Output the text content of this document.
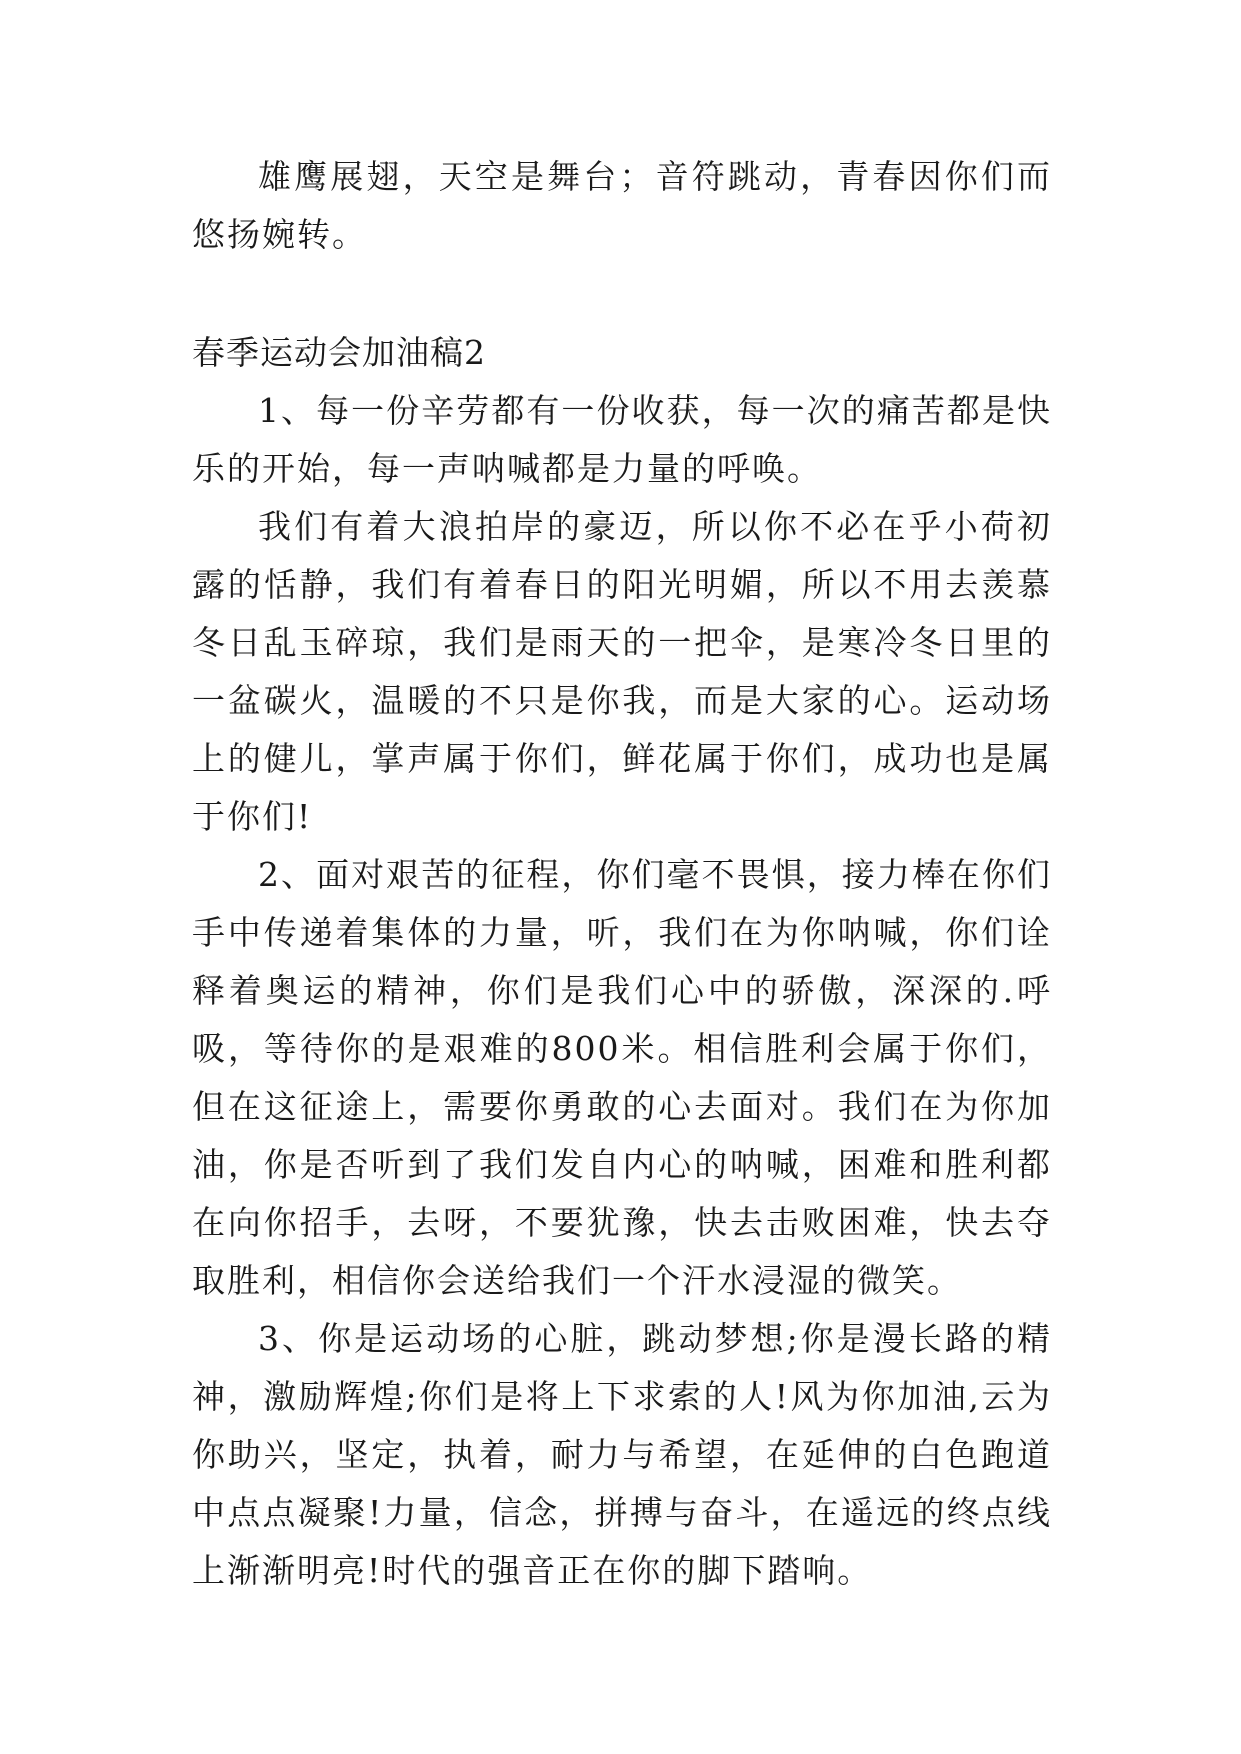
雄鹰展翅，天空是舞台；音符跳动，青春因你们而悠扬婉转。

春季运动会加油稿2

1、每一份辛劳都有一份收获，每一次的痛苦都是快乐的开始，每一声呐喊都是力量的呼唤。

我们有着大浪拍岸的豪迈，所以你不必在乎小荷初露的恬静，我们有着春日的阳光明媚，所以不用去羡慕冬日乱玉碎琼，我们是雨天的一把伞，是寒冷冬日里的一盆碳火，温暖的不只是你我，而是大家的心。运动场上的健儿，掌声属于你们，鲜花属于你们，成功也是属于你们!

2、面对艰苦的征程，你们毫不畏惧，接力棒在你们手中传递着集体的力量，听，我们在为你呐喊，你们诠释着奥运的精神，你们是我们心中的骄傲，深深的.呼吸，等待你的是艰难的800米。相信胜利会属于你们，但在这征途上，需要你勇敢的心去面对。我们在为你加油，你是否听到了我们发自内心的呐喊，困难和胜利都在向你招手，去呀，不要犹豫，快去击败困难，快去夺取胜利，相信你会送给我们一个汗水浸湿的微笑。

3、你是运动场的心脏，跳动梦想;你是漫长路的精神，激励辉煌;你们是将上下求索的人!风为你加油,云为你助兴，坚定，执着，耐力与希望，在延伸的白色跑道中点点凝聚!力量，信念，拼搏与奋斗，在遥远的终点线上渐渐明亮!时代的强音正在你的脚下踏响。
